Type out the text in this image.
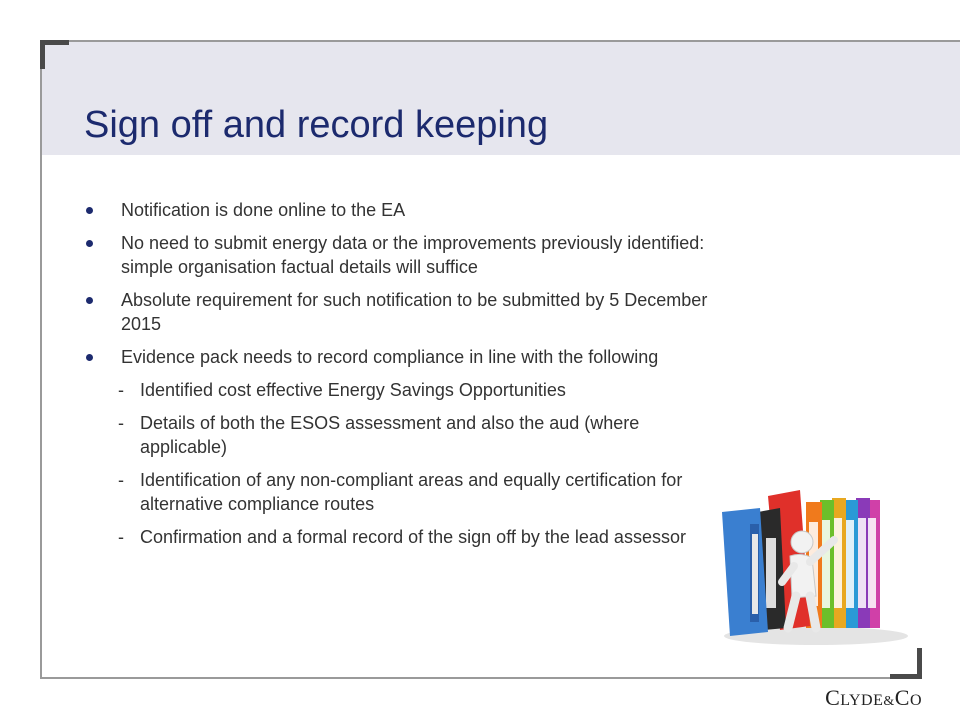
Sign off and record keeping
Notification is done online to the EA
No need to submit energy data or the improvements previously identified: simple organisation factual details will suffice
Absolute requirement for such notification to be submitted by 5 December 2015
Evidence pack needs to record compliance in line with the following
- Identified cost effective Energy Savings Opportunities
- Details of both the ESOS assessment and also the aud (where applicable)
- Identification of any non-compliant areas and equally certification for alternative compliance routes
- Confirmation and a formal record of the sign off by the lead assessor
CLYDE&CO
